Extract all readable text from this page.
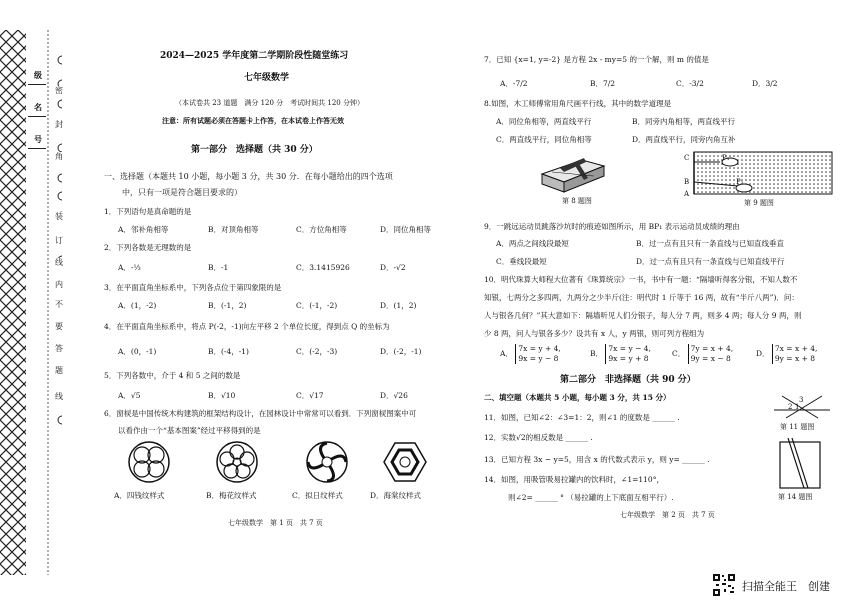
级
名
号
密
封
角
装
订
线
内
不
要
答
题
线
2024—2025 学年度第二学期阶段性随堂练习
七年级数学
（本试卷共 23 道题　满分 120 分　考试时间共 120 分钟）
注意：所有试题必须在答题卡上作答，在本试卷上作答无效
第一部分　选择题（共 30 分）
一、选择题（本题共 10 小题，每小题 3 分，共 30 分．在每小题给出的四个选项
中，只有一项是符合题目要求的）
1．下列语句是真命题的是
A．邻补角相等	B．对顶角相等	C．方位角相等	D．同位角相等
2．下列各数是无理数的是
A．-⅓	B．-1	C．3.1415926	D．-√2
3．在平面直角坐标系中，下列各点位于第四象限的是
A．(1，-2)	B．(-1，2)	C．(-1，-2)	D．(1，2)
4．在平面直角坐标系中，将点 P(-2，-1)向左平移 2 个单位长度，得到点 Q 的坐标为
A．(0，-1)	B．(-4，-1)	C．(-2，-3)	D．(-2，-1)
5．下列各数中，介于 4 和 5 之间的数是
A．√5	B．√10	C．√17	D．√26
6．窗棂是中国传统木构建筑的框架结构设计，在园林设计中常常可以看到．下列窗棂图案中可
以看作由一个“基本图案”经过平移得到的是
A．四钱纹样式	B．梅花纹样式	C．拟日纹样式	D．海棠纹样式
七年级数学　第 1 页　共 7 页
7．已知 {x=1, y=-2} 是方程 2x - my=5 的一个解，则 m 的值是
A．-7/2	B．7/2	C．-3/2	D．3/2
8.如图，木工师傅常用角尺画平行线，其中的数学道理是
A．同位角相等，两直线平行	B．同旁内角相等，两直线平行
C．两直线平行，同位角相等	D．两直线平行，同旁内角互补
第 8 题图
C
B
A
P₁
P₂
第 9 题图
9．一跳远运动员跳落沙坑时的痕迹如图所示，用 BP₁ 表示运动员成绩的理由
A．两点之间线段最短	B．过一点有且只有一条直线与已知直线垂直
C．垂线段最短	D．过一点有且只有一条直线与已知直线平行
10．明代珠算大师程大位著有《珠算统宗》一书，书中有一题：“隔墙听得客分银，不知人数不
知银，七两分之多四两，九两分之少半斤(注：明代时 1 斤等于 16 两，故有“半斤八两”)．问：
人与银各几何？”其大意如下：隔墙听见人们分银子，每人分 7 两，则多 4 两；每人分 9 两，则
少 8 两，问人与银各多少？设共有 x 人，y 两银，则可列方程组为
A．
7x = y + 4,
9x = y − 8
B．
7x = y − 4,
9x = y + 8
C．
7y = x + 4,
9y = x − 8
D．
7x = x + 4,
9y = x + 8
第二部分　非选择题（共 90 分）
二、填空题（本题共 5 小题，每小题 3 分，共 15 分）	3
2 1
第 11 题图
11．如图，已知∠2：∠3=1：2，则∠1 的度数是 ______ .
12．实数√2的相反数是 ______ .
13．已知方程 3x − y=5，用含 x 的代数式表示 y，则 y= ______ .
14．如图，用吸管吸易拉罐内的饮料时，∠1=110°，
则∠2= ______ ° （易拉罐的上下底面互相平行）.	第 14 题图
七年级数学　第 2 页　共 7 页
扫描全能王　创建
